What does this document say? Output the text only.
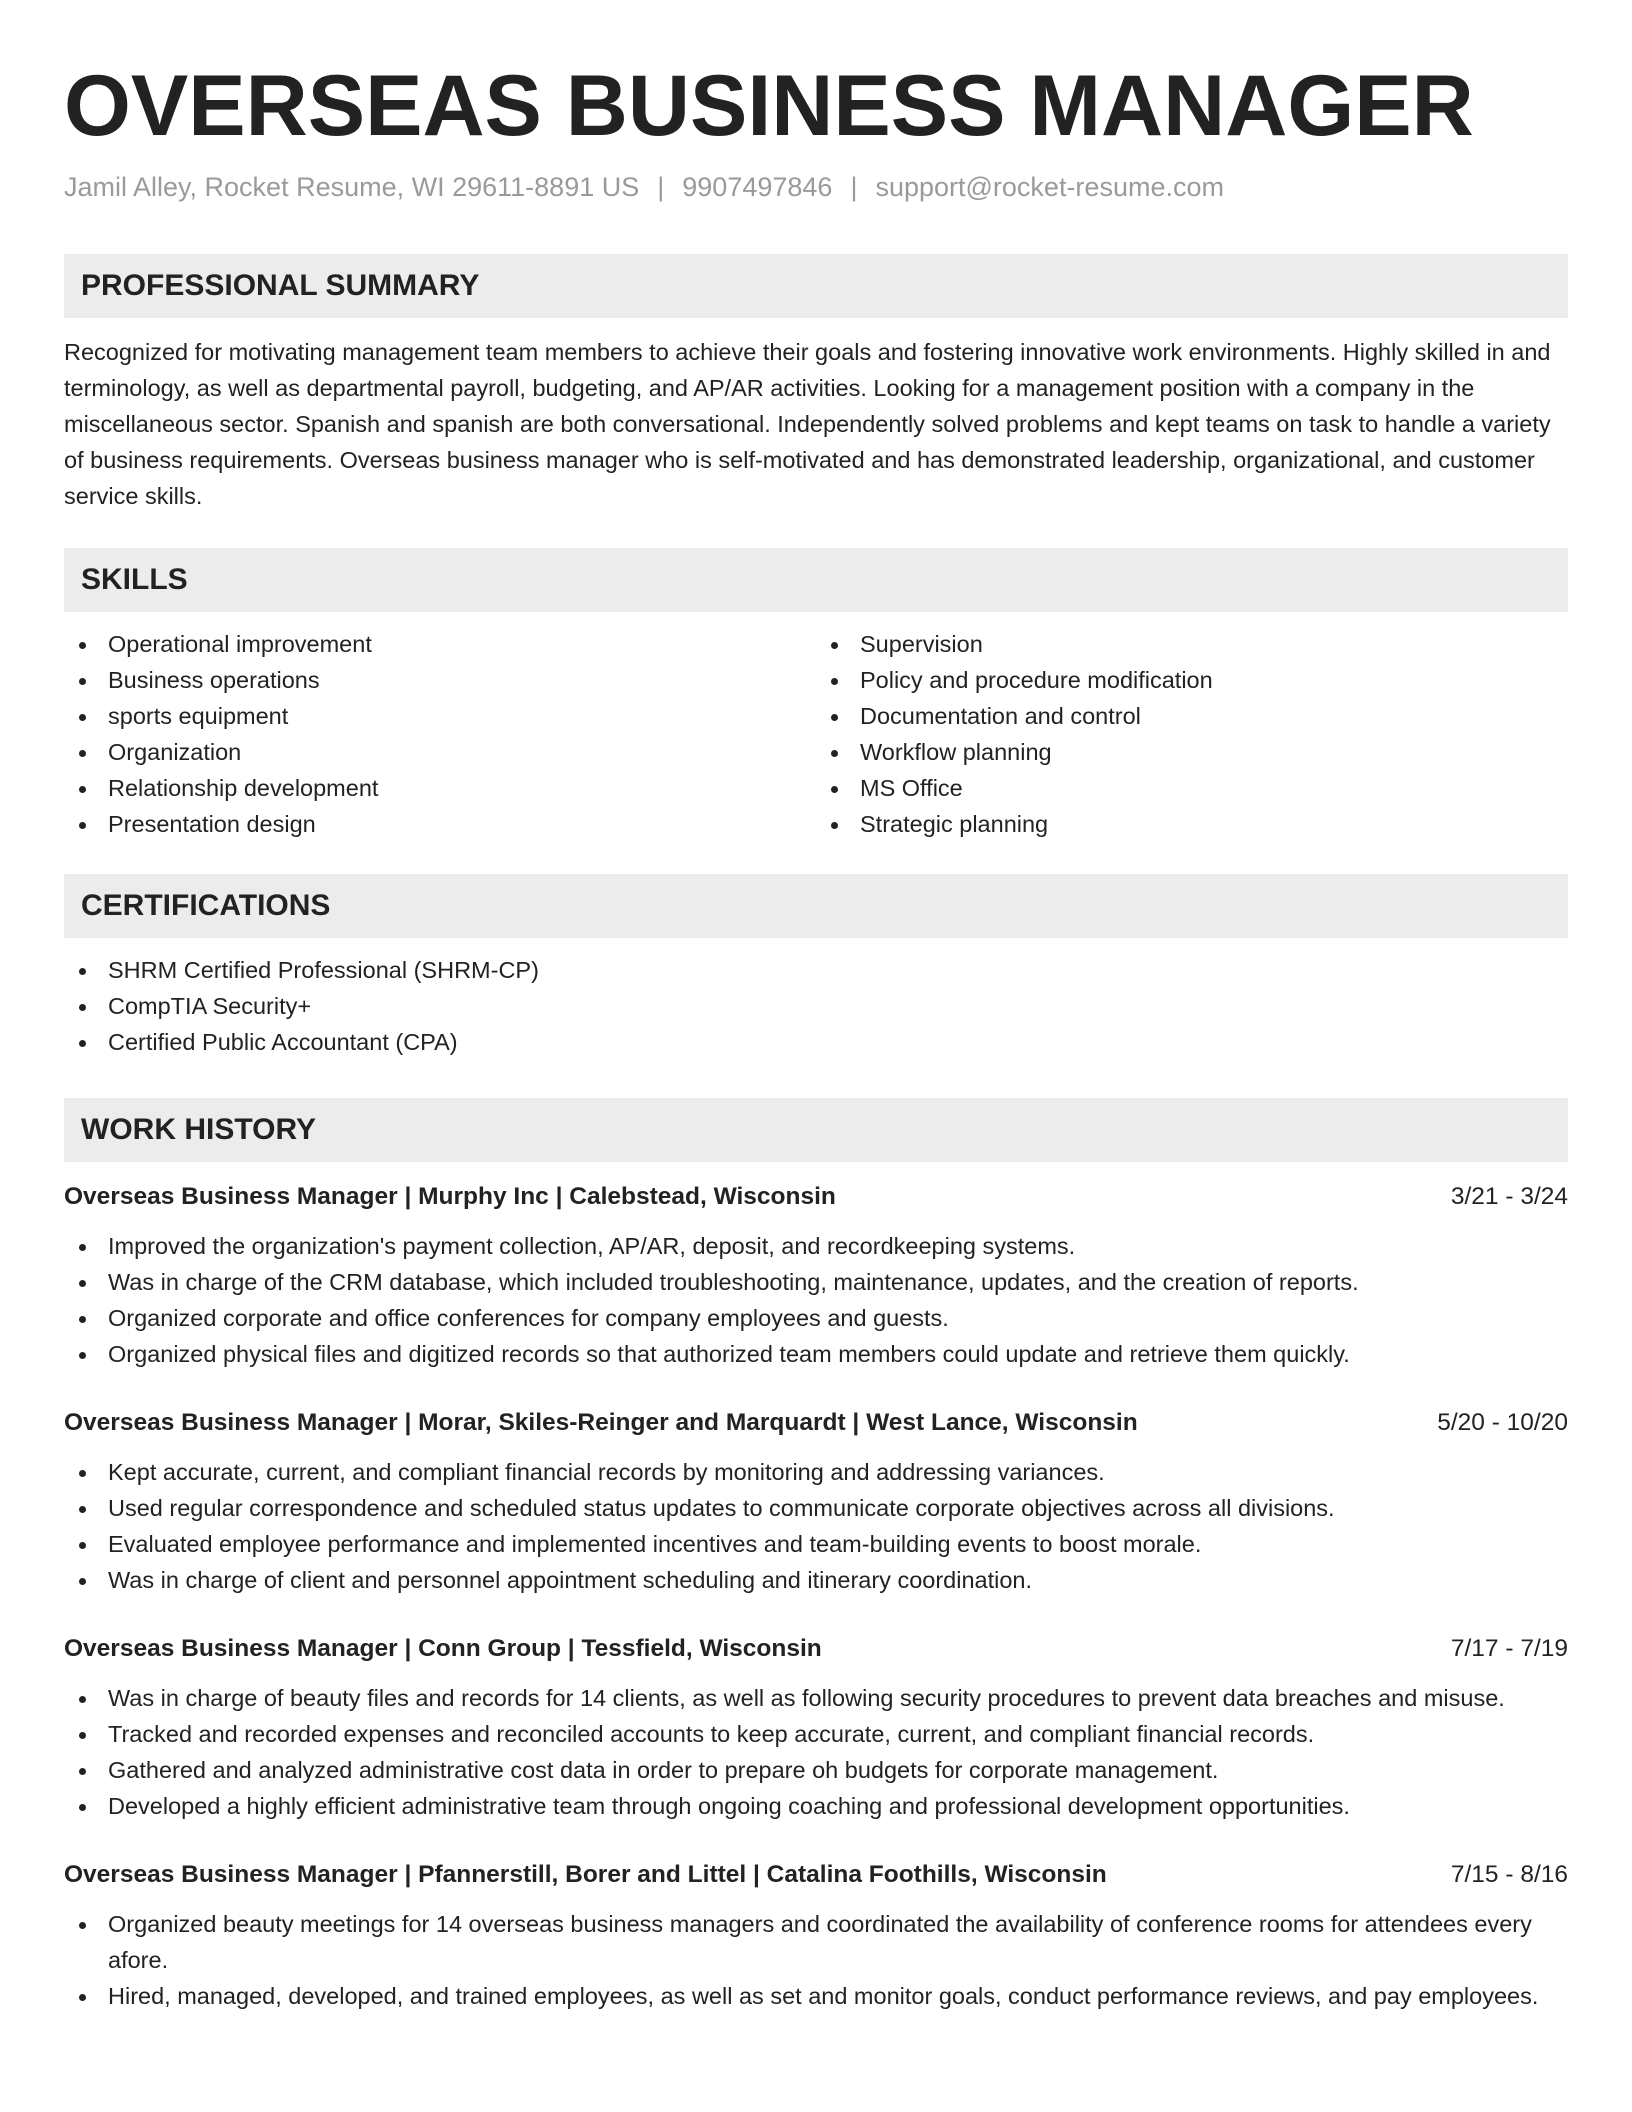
OVERSEAS BUSINESS MANAGER
Jamil Alley, Rocket Resume, WI 29611-8891 US | 9907497846 | support@rocket-resume.com
PROFESSIONAL SUMMARY

Recognized for motivating management team members to achieve their goals and fostering innovative work environments. Highly skilled in and terminology, as well as departmental payroll, budgeting, and AP/AR activities. Looking for a management position with a company in the miscellaneous sector. Spanish and spanish are both conversational. Independently solved problems and kept teams on task to handle a variety of business requirements. Overseas business manager who is self-motivated and has demonstrated leadership, organizational, and customer service skills.

SKILLS
Operational improvement
Business operations
sports equipment
Organization
Relationship development
Presentation design
Supervision
Policy and procedure modification
Documentation and control
Workflow planning
MS Office
Strategic planning
CERTIFICATIONS
SHRM Certified Professional (SHRM-CP)
CompTIA Security+
Certified Public Accountant (CPA)
WORK HISTORY
Overseas Business Manager | Murphy Inc | Calebstead, Wisconsin	3/21 - 3/24
Improved the organization's payment collection, AP/AR, deposit, and recordkeeping systems.
Was in charge of the CRM database, which included troubleshooting, maintenance, updates, and the creation of reports.
Organized corporate and office conferences for company employees and guests.
Organized physical files and digitized records so that authorized team members could update and retrieve them quickly.
Overseas Business Manager | Morar, Skiles-Reinger and Marquardt | West Lance, Wisconsin	5/20 - 10/20
Kept accurate, current, and compliant financial records by monitoring and addressing variances.
Used regular correspondence and scheduled status updates to communicate corporate objectives across all divisions.
Evaluated employee performance and implemented incentives and team-building events to boost morale.
Was in charge of client and personnel appointment scheduling and itinerary coordination.
Overseas Business Manager | Conn Group | Tessfield, Wisconsin	7/17 - 7/19
Was in charge of beauty files and records for 14 clients, as well as following security procedures to prevent data breaches and misuse.
Tracked and recorded expenses and reconciled accounts to keep accurate, current, and compliant financial records.
Gathered and analyzed administrative cost data in order to prepare oh budgets for corporate management.
Developed a highly efficient administrative team through ongoing coaching and professional development opportunities.
Overseas Business Manager | Pfannerstill, Borer and Littel | Catalina Foothills, Wisconsin	7/15 - 8/16
Organized beauty meetings for 14 overseas business managers and coordinated the availability of conference rooms for attendees every afore.
Hired, managed, developed, and trained employees, as well as set and monitor goals, conduct performance reviews, and pay employees.
